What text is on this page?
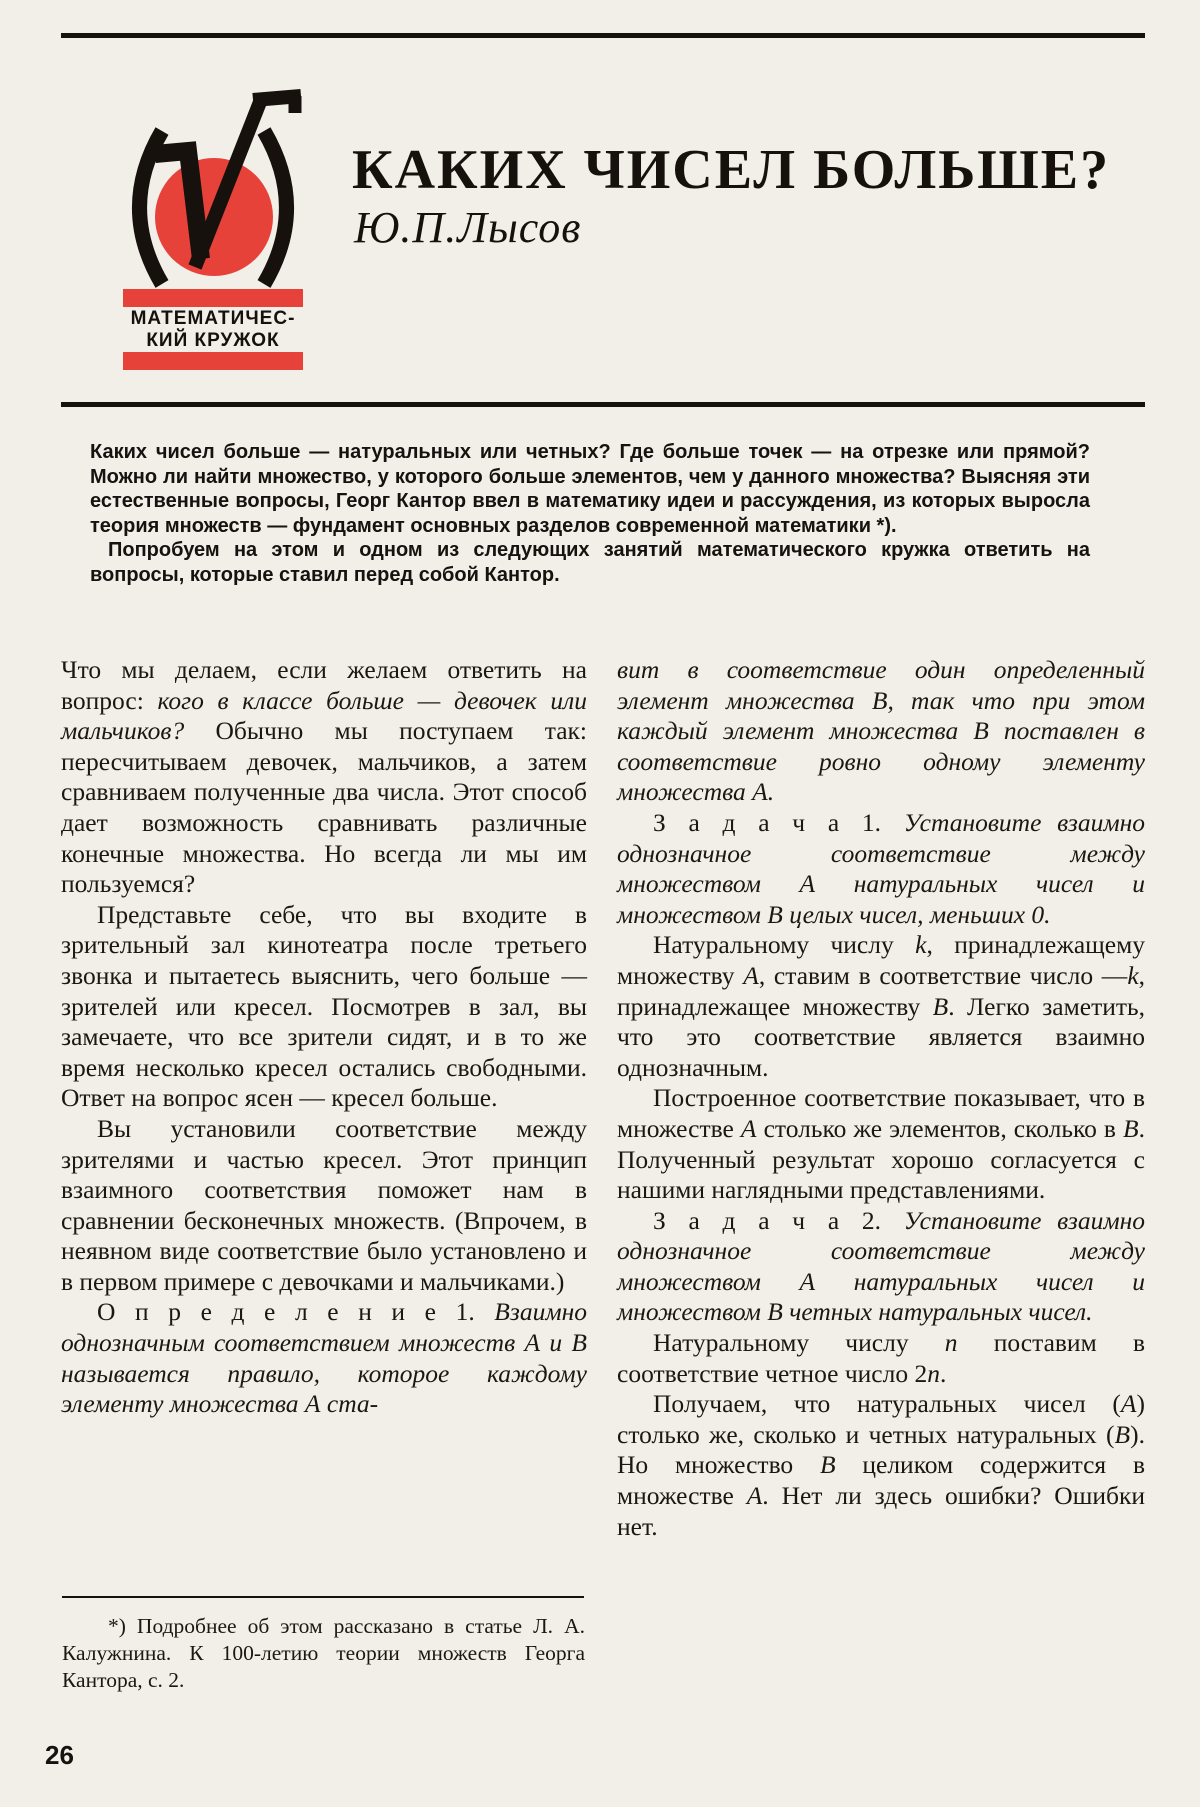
МАТЕМАТИЧЕС-
КИЙ КРУЖОК
КАКИХ ЧИСЕЛ БОЛЬШЕ?
Ю.П.Лысов

Каких чисел больше — натуральных или четных? Где больше точек — на отрезке или прямой? Можно ли найти множество, у которого больше элементов, чем у данного множества? Выясняя эти естественные вопросы, Георг Кантор ввел в математику идеи и рассуждения, из которых выросла теория множеств — фундамент основных разделов современной математики *).

Попробуем на этом и одном из следующих занятий математического кружка ответить на вопросы, которые ставил перед собой Кантор.

Что мы делаем, если желаем ответить на вопрос: кого в классе больше — девочек или мальчиков? Обычно мы поступаем так: пересчитываем девочек, мальчиков, а затем сравниваем полученные два числа. Этот способ дает возможность сравнивать различные конечные множества. Но всегда ли мы им пользуемся?

Представьте себе, что вы входите в зрительный зал кинотеатра после третьего звонка и пытаетесь выяснить, чего больше — зрителей или кресел. Посмотрев в зал, вы замечаете, что все зрители сидят, и в то же время несколько кресел остались свободными. Ответ на вопрос ясен — кресел больше.

Вы установили соответствие между зрителями и частью кресел. Этот принцип взаимного соответствия поможет нам в сравнении бесконечных множеств. (Впрочем, в неявном виде соответствие было установлено и в первом примере с девочками и мальчиками.)

О п р е д е л е н и е 1. Взаимно однозначным соответствием множеств А и В называется правило, которое каждому элементу множества А ста-

вит в соответствие один определенный элемент множества В, так что при этом каждый элемент множества В поставлен в соответствие ровно одному элементу множества А.

З а д а ч а 1. Установите взаимно однозначное соответствие между множеством А натуральных чисел и множеством В целых чисел, меньших 0.

Натуральному числу k, принадлежащему множеству А, ставим в соответствие число —k, принадлежащее множеству В. Легко заметить, что это соответствие является взаимно однозначным.

Построенное соответствие показывает, что в множестве А столько же элементов, сколько в В. Полученный результат хорошо согласуется с нашими наглядными представлениями.

З а д а ч а 2. Установите взаимно однозначное соответствие между множеством А натуральных чисел и множеством В четных натуральных чисел.

Натуральному числу n поставим в соответствие четное число 2n.

Получаем, что натуральных чисел (А) столько же, сколько и четных натуральных (В). Но множество В целиком содержится в множестве А. Нет ли здесь ошибки? Ошибки нет.

*) Подробнее об этом рассказано в статье Л. А. Калужнина. К 100-летию теории множеств Георга Кантора, с. 2.
26
